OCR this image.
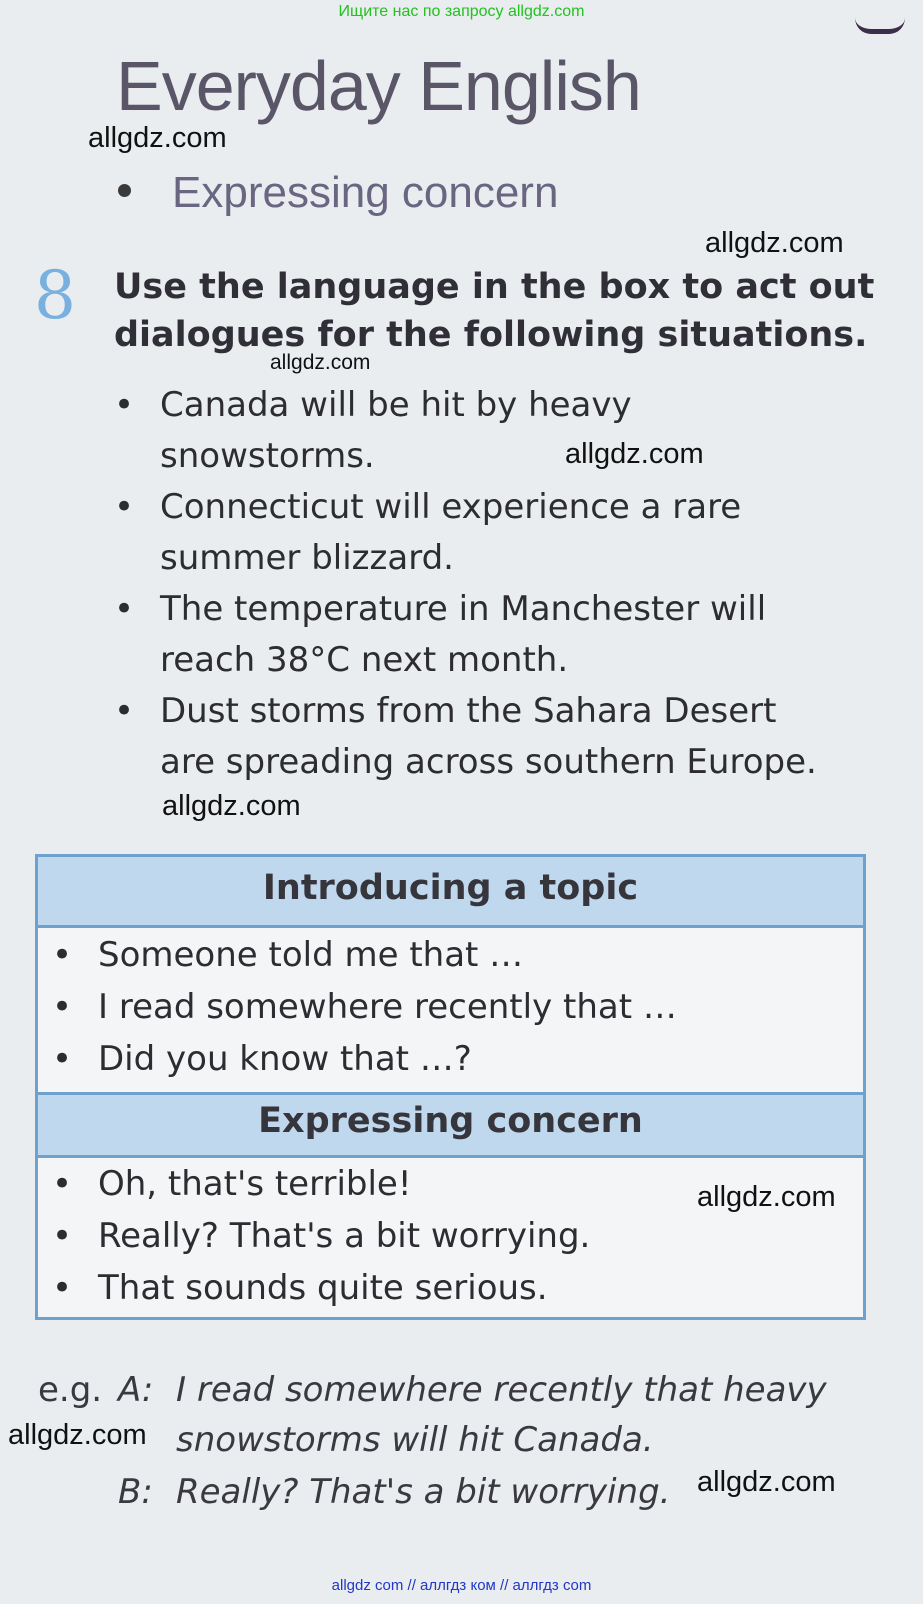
Ищите нас по запросу allgdz.com
Everyday English
allgdz.com
Expressing concern
allgdz.com
8 Use the language in the box to act out
dialogues for the following situations.
allgdz.com
• Canada will be hit by heavy
snowstorms.
• Connecticut will experience a rare
summer blizzard.
• The temperature in Manchester will
reach 38°C next month.
• Dust storms from the Sahara Desert
are spreading across southern Europe.
allgdz.com
allgdz.com
Introducing a topic
• Someone told me that …
• I read somewhere recently that …
• Did you know that …?
Expressing concern
• Oh, that's terrible!
• Really? That's a bit worrying.
• That sounds quite serious.
allgdz.com
e.g. A: I read somewhere recently that heavy
allgdz.com snowstorms will hit Canada.
B: Really? That's a bit worrying. allgdz.com
allgdz com // аллгдз ком // аллгдз com
